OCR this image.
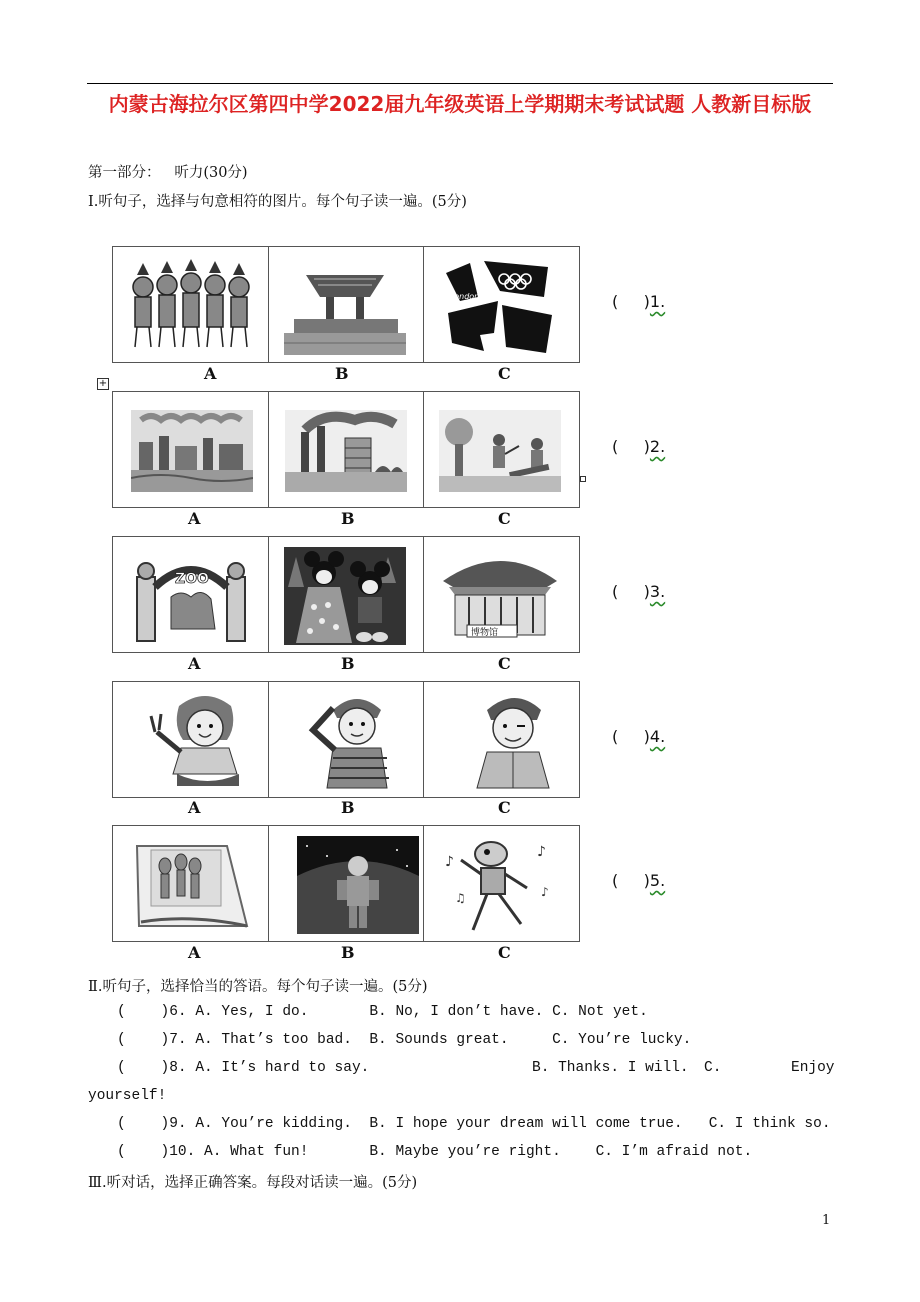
内蒙古海拉尔区第四中学2022届九年级英语上学期期末考试试题 人教新目标版
第一部分：   听力(30分)
Ⅰ.听句子，选择与句意相符的图片。每个句子读一遍。(5分)
+
london
A	B	C
(     )1.
A	B	C
(     )2.
ZOO
博物馆
A	B	C
(     )3.
A	B	C
(     )4.
♪
♪
♫	♪
A	B	C
(     )5.
Ⅱ.听句子，选择恰当的答语。每个句子读一遍。(5分)
(    )6. A. Yes, I do.       B. No, I don’t have. C. Not yet.
(    )7. A. That’s too bad.  B. Sounds great.     C. You’re lucky.
(    )8. A. It’s hard to say.	B. Thanks. I will. C.	Enjoy
yourself!
(    )9. A. You’re kidding.  B. I hope your dream will come true.   C. I think so.
(    )10. A. What fun!       B. Maybe you’re right.    C. I’m afraid not.
Ⅲ.听对话，选择正确答案。每段对话读一遍。(5分)
1
